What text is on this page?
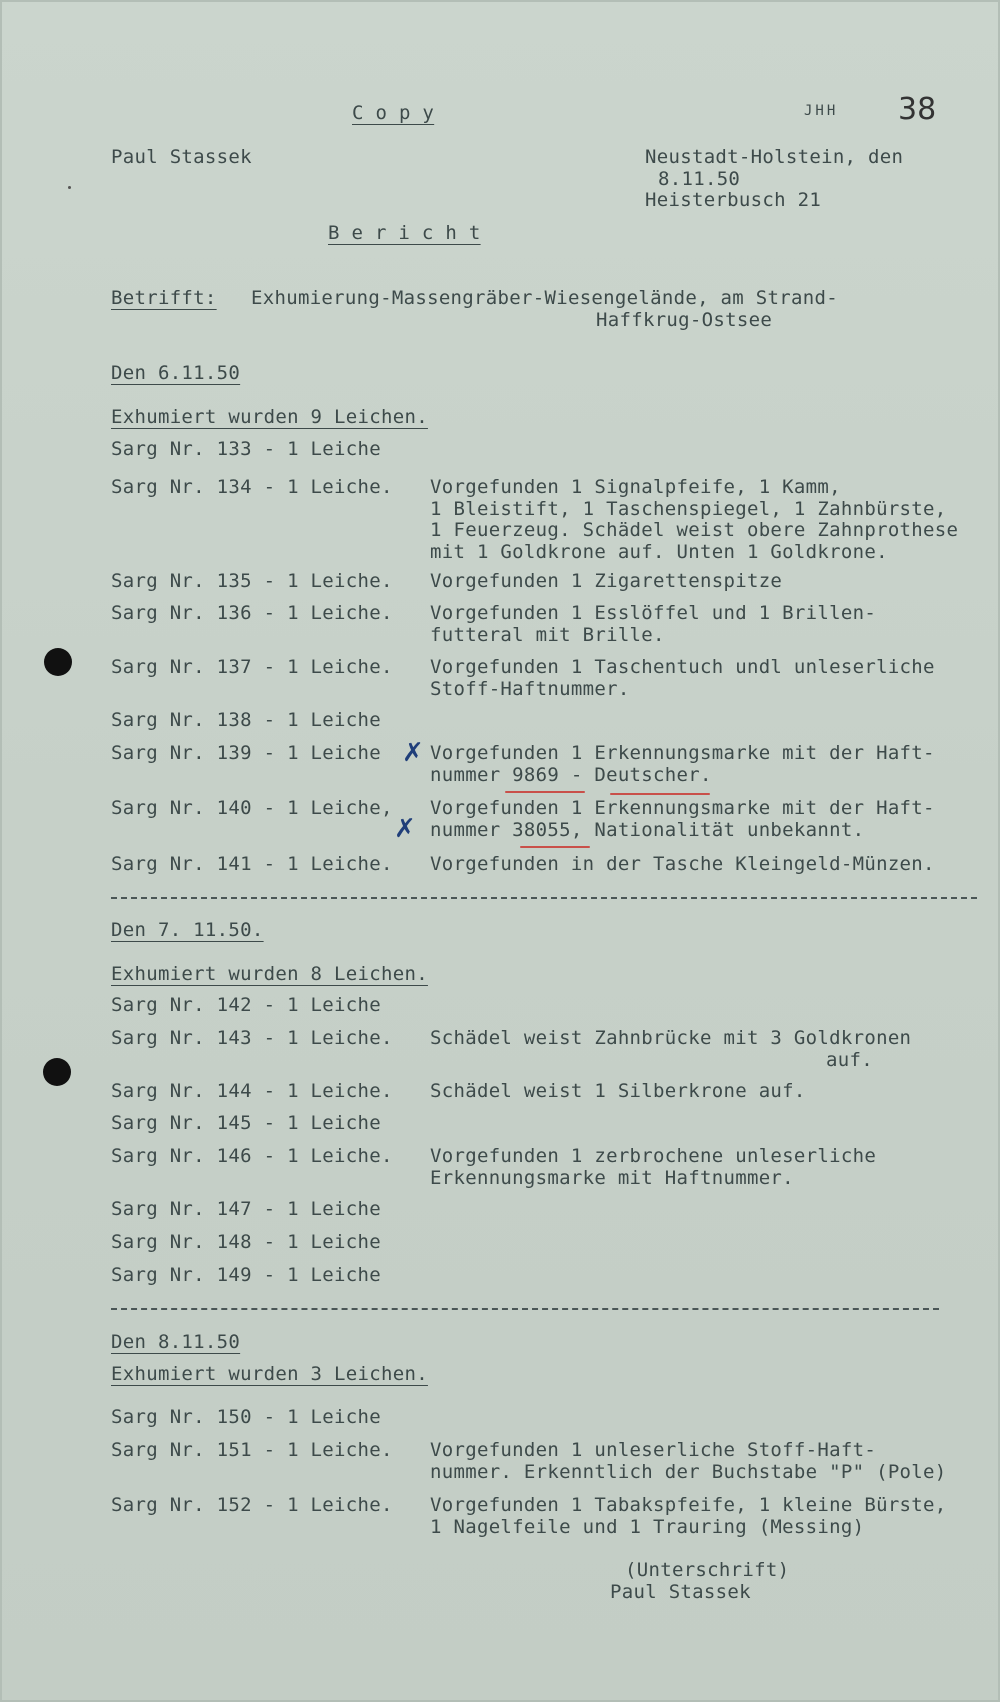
C o p y	JHH 38
Paul Stassek	Neustadt-Holstein, den
8.11.50
Heisterbusch 21
B e r i c h t
Betrifft: Exhumierung-Massengräber-Wiesengelände, am Strand-
Haffkrug-Ostsee
Den 6.11.50
Exhumiert wurden 9 Leichen.
Sarg Nr. 133 - 1 Leiche
Sarg Nr. 134 - 1 Leiche. Vorgefunden 1 Signalpfeife, 1 Kamm,
1 Bleistift, 1 Taschenspiegel, 1 Zahnbürste,
1 Feuerzeug. Schädel weist obere Zahnprothese
mit 1 Goldkrone auf. Unten 1 Goldkrone.
Sarg Nr. 135 - 1 Leiche. Vorgefunden 1 Zigarettenspitze
Sarg Nr. 136 - 1 Leiche. Vorgefunden 1 Esslöffel und 1 Brillen-
futteral mit Brille.
Sarg Nr. 137 - 1 Leiche. Vorgefunden 1 Taschentuch undl unleserliche
Stoff-Haftnummer.
Sarg Nr. 138 - 1 Leiche
Sarg Nr. 139 - 1 Leiche ✗ Vorgefunden 1 Erkennungsmarke mit der Haft-
nummer 9869 - Deutscher.
Sarg Nr. 140 - 1 Leiche,
✗
Vorgefunden 1 Erkennungsmarke mit der Haft-
nummer 38055, Nationalität unbekannt.
Sarg Nr. 141 - 1 Leiche. Vorgefunden in der Tasche Kleingeld-Münzen.
Den 7. 11.50.
Exhumiert wurden 8 Leichen.
Sarg Nr. 142 - 1 Leiche
Sarg Nr. 143 - 1 Leiche. Schädel weist Zahnbrücke mit 3 Goldkronen
auf.
Sarg Nr. 144 - 1 Leiche. Schädel weist 1 Silberkrone auf.
Sarg Nr. 145 - 1 Leiche
Sarg Nr. 146 - 1 Leiche. Vorgefunden 1 zerbrochene unleserliche
Erkennungsmarke mit Haftnummer.
Sarg Nr. 147 - 1 Leiche
Sarg Nr. 148 - 1 Leiche
Sarg Nr. 149 - 1 Leiche
Den 8.11.50
Exhumiert wurden 3 Leichen.
Sarg Nr. 150 - 1 Leiche
Sarg Nr. 151 - 1 Leiche. Vorgefunden 1 unleserliche Stoff-Haft-
nummer. Erkenntlich der Buchstabe "P" (Pole)
Sarg Nr. 152 - 1 Leiche. Vorgefunden 1 Tabakspfeife, 1 kleine Bürste,
1 Nagelfeile und 1 Trauring (Messing)
(Unterschrift)
Paul Stassek
